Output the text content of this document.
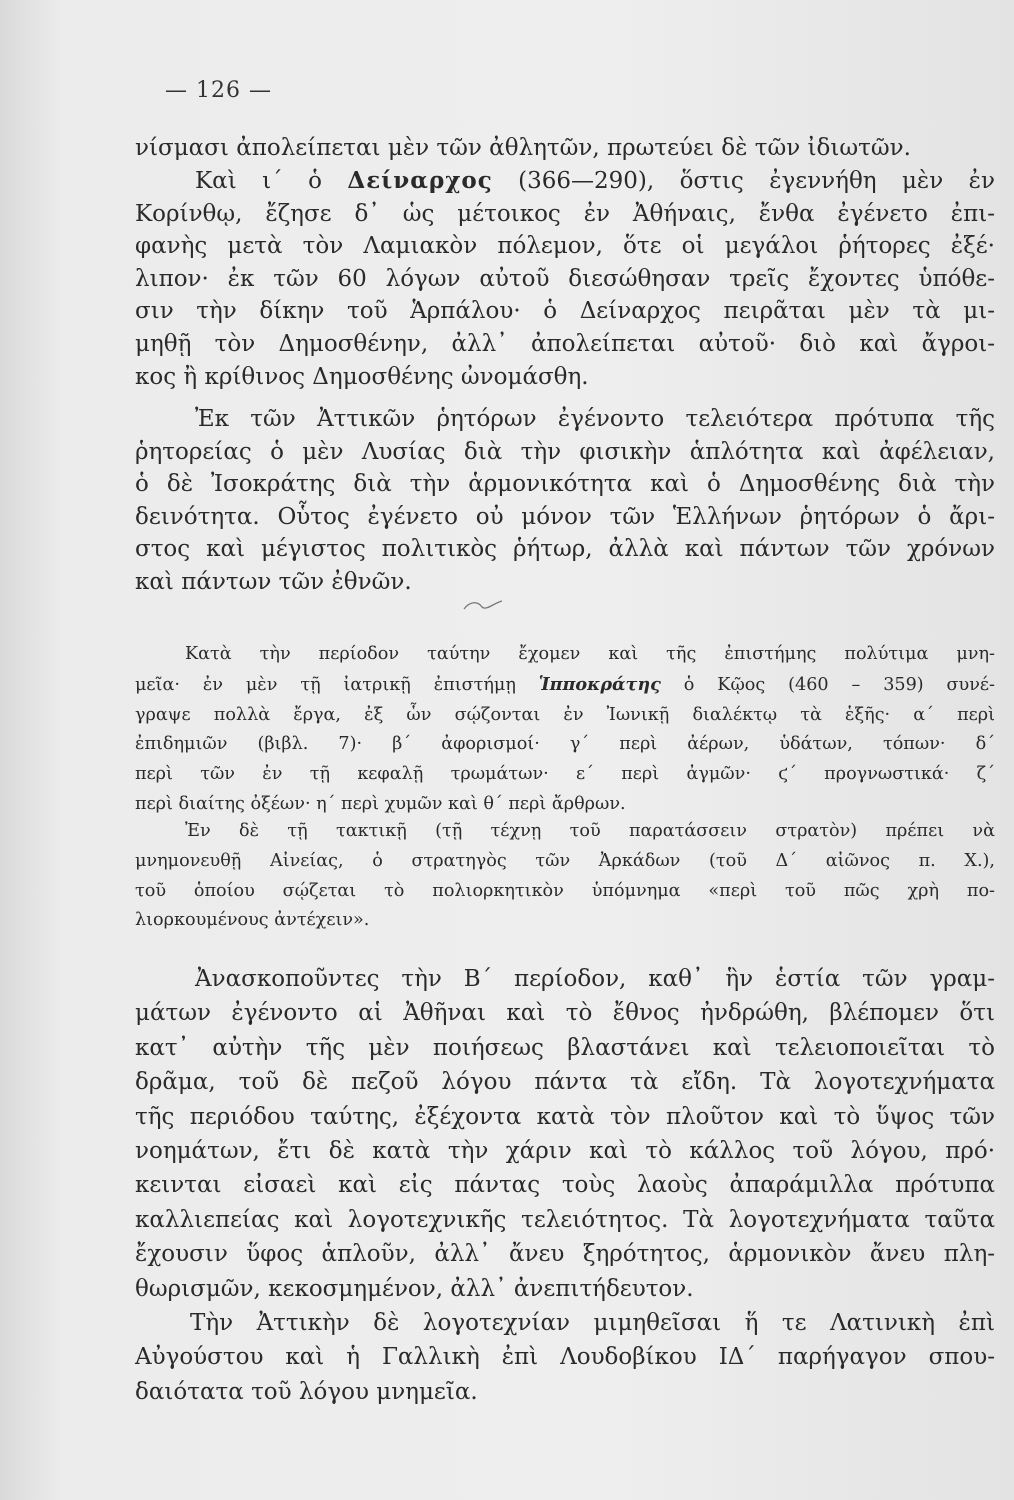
— 126 —
νίσμασι ἀπολείπεται μὲν τῶν ἀθλητῶν, πρωτεύει δὲ τῶν ἰδιωτῶν.
Καὶ ι΄ ὁ Δείναρχος (366—290), ὅστις ἐγεννήθη μὲν ἐν
Κορίνθῳ, ἔζησε δ᾿ ὡς μέτοικος ἐν Ἀθήναις, ἔνθα ἐγένετο ἐπι-
φανὴς μετὰ τὸν Λαμιακὸν πόλεμον, ὅτε οἱ μεγάλοι ῥήτορες ἐξέ·
λιπον· ἐκ τῶν 60 λόγων αὐτοῦ διεσώθησαν τρεῖς ἔχοντες ὑπόθε-
σιν τὴν δίκην τοῦ Ἁρπάλου· ὁ Δείναρχος πειρᾶται μὲν τὰ μι-
μηθῇ τὸν Δημοσθένην, ἀλλ᾿ ἀπολείπεται αὐτοῦ· διὸ καὶ ἄγροι-
κος ἢ κρίθινος Δημοσθένης ὠνομάσθη.
Ἐκ τῶν Ἀττικῶν ῥητόρων ἐγένοντο τελειότερα πρότυπα τῆς
ῥητορείας ὁ μὲν Λυσίας διὰ τὴν φισικὴν ἁπλότητα καὶ ἀφέλειαν,
ὁ δὲ Ἰσοκράτης διὰ τὴν ἁρμονικότητα καὶ ὁ Δημοσθένης διὰ τὴν
δεινότητα. Οὗτος ἐγένετο οὐ μόνον τῶν Ἑλλήνων ῥητόρων ὁ ἄρι-
στος καὶ μέγιστος πολιτικὸς ῥήτωρ, ἀλλὰ καὶ πάντων τῶν χρόνων
καὶ πάντων τῶν ἐθνῶν.
Κατὰ τὴν περίοδον ταύτην ἔχομεν καὶ τῆς ἐπιστήμης πολύτιμα μνη-
μεῖα· ἐν μὲν τῇ ἰατρικῇ ἐπιστήμῃ Ἱπποκράτης ὁ Κῷος (460 – 359) συνέ-
γραψε πολλὰ ἔργα, ἐξ ὧν σῴζονται ἐν Ἰωνικῇ διαλέκτῳ τὰ ἑξῆς· α΄ περὶ
ἐπιδημιῶν (βιβλ. 7)· β΄ ἀφορισμοί· γ΄ περὶ ἀέρων, ὑδάτων, τόπων· δ΄
περὶ τῶν ἐν τῇ κεφαλῇ τρωμάτων· ε΄ περὶ ἀγμῶν· ϛ΄ προγνωστικά· ζ΄
περὶ διαίτης ὀξέων· η΄ περὶ χυμῶν καὶ θ΄ περὶ ἄρθρων.
Ἐν δὲ τῇ τακτικῇ (τῇ τέχνῃ τοῦ παρατάσσειν στρατὸν) πρέπει νὰ
μνημονευθῇ Αἰνείας, ὁ στρατηγὸς τῶν Ἀρκάδων (τοῦ Δ΄ αἰῶνος π. Χ.),
τοῦ ὁποίου σῴζεται τὸ πολιορκητικὸν ὑπόμνημα «περὶ τοῦ πῶς χρὴ πο-
λιορκουμένους ἀντέχειν».
Ἀνασκοποῦντες τὴν Β΄ περίοδον, καθ᾿ ἣν ἑστία τῶν γραμ-
μάτων ἐγένοντο αἱ Ἀθῆναι καὶ τὸ ἔθνος ἠνδρώθη, βλέπομεν ὅτι
κατ᾿ αὐτὴν τῆς μὲν ποιήσεως βλαστάνει καὶ τελειοποιεῖται τὸ
δρᾶμα, τοῦ δὲ πεζοῦ λόγου πάντα τὰ εἴδη. Τὰ λογοτεχνήματα
τῆς περιόδου ταύτης, ἐξέχοντα κατὰ τὸν πλοῦτον καὶ τὸ ὕψος τῶν
νοημάτων, ἔτι δὲ κατὰ τὴν χάριν καὶ τὸ κάλλος τοῦ λόγου, πρό·
κεινται εἰσαεὶ καὶ εἰς πάντας τοὺς λαοὺς ἀπαράμιλλα πρότυπα
καλλιεπείας καὶ λογοτεχνικῆς τελειότητος. Τὰ λογοτεχνήματα ταῦτα
ἔχουσιν ὕφος ἁπλοῦν, ἀλλ᾿ ἄνευ ξηρότητος, ἁρμονικὸν ἄνευ πλη-
θωρισμῶν, κεκοσμημένον, ἀλλ᾿ ἀνεπιτήδευτον.
Τὴν Ἀττικὴν δὲ λογοτεχνίαν μιμηθεῖσαι ἥ τε Λατινικὴ ἐπὶ
Αὐγούστου καὶ ἡ Γαλλικὴ ἐπὶ Λουδοβίκου ΙΔ΄ παρήγαγον σπου-
δαιότατα τοῦ λόγου μνημεῖα.
